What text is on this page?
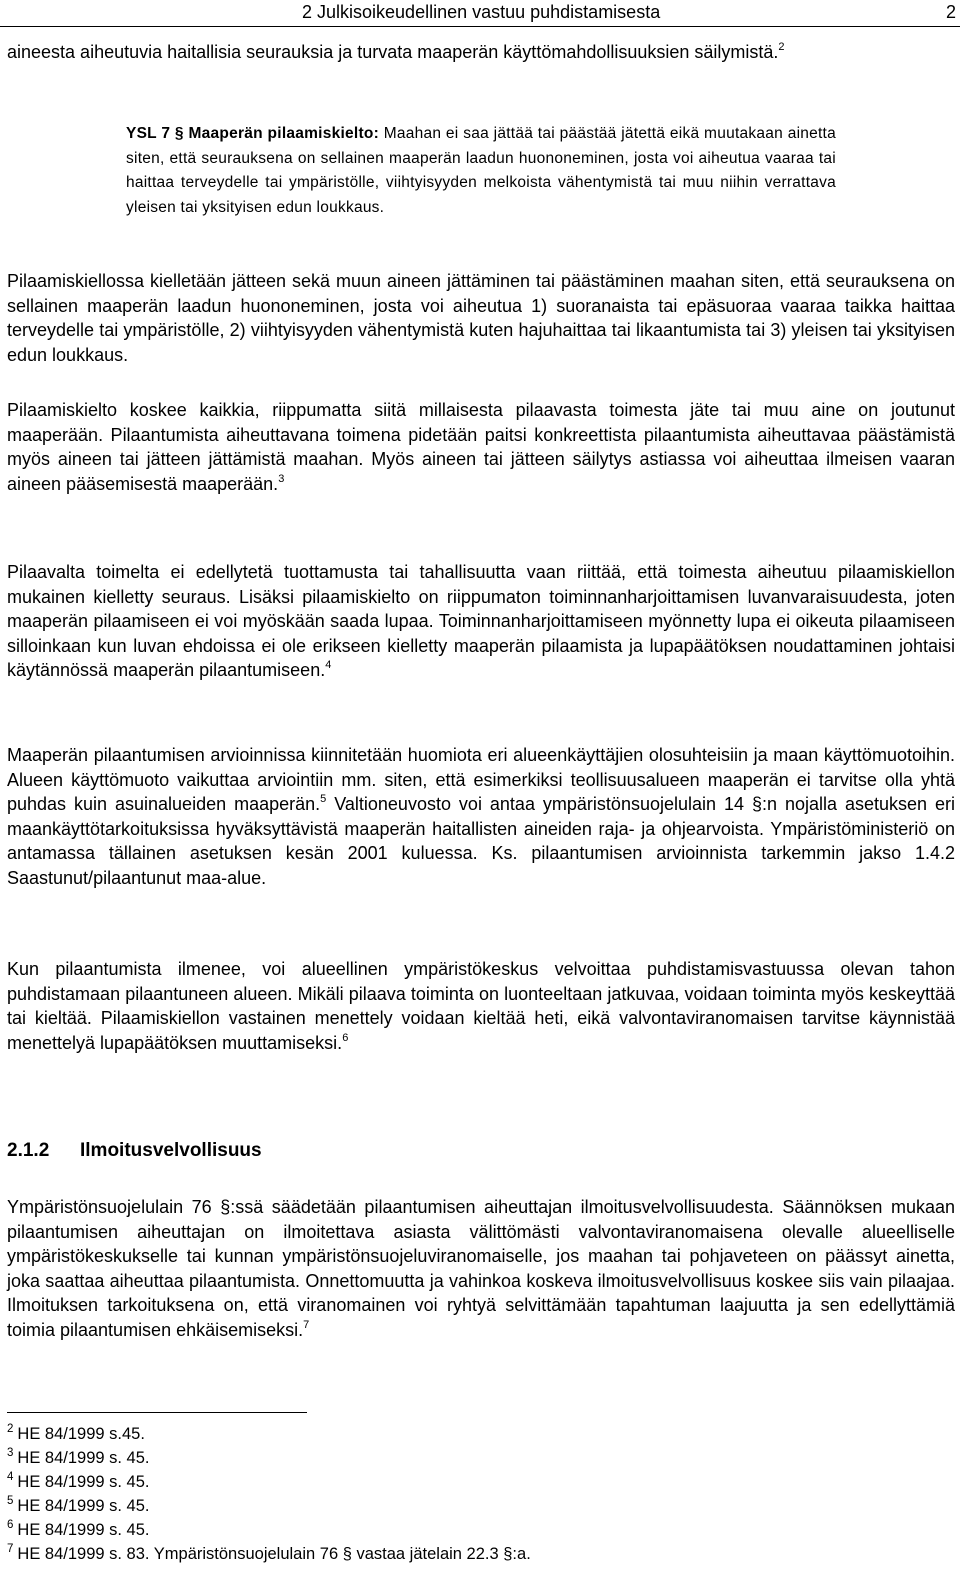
2 Julkisoikeudellinen vastuu puhdistamisesta	2
aineesta aiheutuvia haitallisia seurauksia ja turvata maaperän käyttömahdollisuuksien säilymistä.$^2$
YSL 7 § Maaperän pilaamiskielto: Maahan ei saa jättää tai päästää jätettä eikä muutakaan ainetta siten, että seurauksena on sellainen maaperän laadun huononeminen, josta voi aiheutua vaaraa tai haittaa terveydelle tai ympäristölle, viihtyisyyden melkoista vähentymistä tai muu niihin verrattava yleisen tai yksityisen edun loukkaus.
Pilaamiskiellossa kielletään jätteen sekä muun aineen jättäminen tai päästäminen maahan siten, että seurauksena on sellainen maaperän laadun huononeminen, josta voi aiheutua 1) suoranaista tai epäsuoraa vaaraa taikka haittaa terveydelle tai ympäristölle, 2) viihtyisyyden vähentymistä kuten hajuhaittaa tai likaantumista tai 3) yleisen tai yksityisen edun loukkaus.
Pilaamiskielto koskee kaikkia, riippumatta siitä millaisesta pilaavasta toimesta jäte tai muu aine on joutunut maaperään. Pilaantumista aiheuttavana toimena pidetään paitsi konkreettista pilaantumista aiheuttavaa päästämistä myös aineen tai jätteen jättämistä maahan. Myös aineen tai jätteen säilytys astiassa voi aiheuttaa ilmeisen vaaran aineen pääsemisestä maaperään.$^3$
Pilaavalta toimelta ei edellytetä tuottamusta tai tahallisuutta vaan riittää, että toimesta aiheutuu pilaamiskiellon mukainen kielletty seuraus. Lisäksi pilaamiskielto on riippumaton toiminnanharjoittamisen luvanvaraisuudesta, joten maaperän pilaamiseen ei voi myöskään saada lupaa. Toiminnanharjoittamiseen myönnetty lupa ei oikeuta pilaamiseen silloinkaan kun luvan ehdoissa ei ole erikseen kielletty maaperän pilaamista ja lupapäätöksen noudattaminen johtaisi käytännössä maaperän pilaantumiseen.$^4$
Maaperän pilaantumisen arvioinnissa kiinnitetään huomiota eri alueenkäyttäjien olosuhteisiin ja maan käyttömuotoihin. Alueen käyttömuoto vaikuttaa arviointiin mm. siten, että esimerkiksi teollisuusalueen maaperän ei tarvitse olla yhtä puhdas kuin asuinalueiden maaperän.$^5$ Valtioneuvosto voi antaa ympäristönsuojelulain 14 §:n nojalla asetuksen eri maankäyttötarkoituksissa hyväksyttävistä maaperän haitallisten aineiden raja- ja ohjearvoista. Ympäristöministeriö on antamassa tällainen asetuksen kesän 2001 kuluessa. Ks. pilaantumisen arvioinnista tarkemmin jakso 1.4.2 Saastunut/pilaantunut maa-alue.
Kun pilaantumista ilmenee, voi alueellinen ympäristökeskus velvoittaa puhdistamisvastuussa olevan tahon puhdistamaan pilaantuneen alueen. Mikäli pilaava toiminta on luonteeltaan jatkuvaa, voidaan toiminta myös keskeyttää tai kieltää. Pilaamiskiellon vastainen menettely voidaan kieltää heti, eikä valvontaviranomaisen tarvitse käynnistää menettelyä lupapäätöksen muuttamiseksi.$^6$
2.1.2 Ilmoitusvelvollisuus
Ympäristönsuojelulain 76 §:ssä säädetään pilaantumisen aiheuttajan ilmoitusvelvollisuudesta. Säännöksen mukaan pilaantumisen aiheuttajan on ilmoitettava asiasta välittömästi valvontaviranomaisena olevalle alueelliselle ympäristökeskukselle tai kunnan ympäristönsuojeluviranomaiselle, jos maahan tai pohjaveteen on päässyt ainetta, joka saattaa aiheuttaa pilaantumista. Onnettomuutta ja vahinkoa koskeva ilmoitusvelvollisuus koskee siis vain pilaajaa. Ilmoituksen tarkoituksena on, että viranomainen voi ryhtyä selvittämään tapahtuman laajuutta ja sen edellyttämiä toimia pilaantumisen ehkäisemiseksi.$^7$
$^2$ HE 84/1999 s.45.
$^3$ HE 84/1999 s. 45.
$^4$ HE 84/1999 s. 45.
$^5$ HE 84/1999 s. 45.
$^6$ HE 84/1999 s. 45.
$^7$ HE 84/1999 s. 83. Ympäristönsuojelulain 76 § vastaa jätelain 22.3 §:a.
